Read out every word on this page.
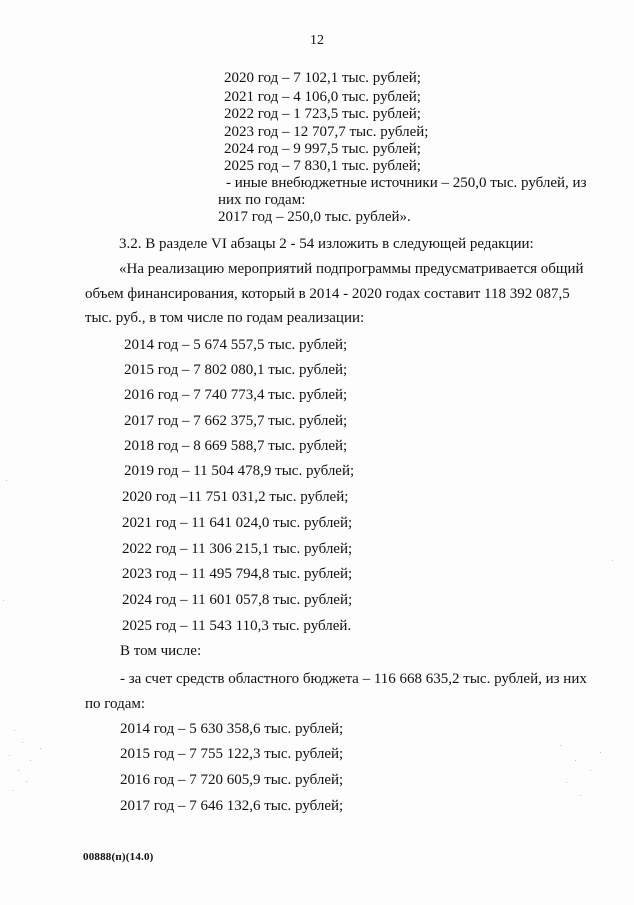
12
2020 год – 7 102,1 тыс. рублей;
2021 год – 4 106,0 тыс. рублей;
2022 год – 1 723,5 тыс. рублей;
2023 год – 12 707,7 тыс. рублей;
2024 год – 9 997,5 тыс. рублей;
2025 год – 7 830,1 тыс. рублей;
- иные внебюджетные источники – 250,0 тыс. рублей, из
них по годам:
2017 год – 250,0 тыс. рублей».
3.2. В разделе VI абзацы 2 - 54 изложить в следующей редакции:
«На реализацию мероприятий подпрограммы предусматривается общий
объем финансирования, который в 2014 - 2020 годах составит 118 392 087,5
тыс. руб., в том числе по годам реализации:
2014 год – 5 674 557,5 тыс. рублей;
2015 год – 7 802 080,1 тыс. рублей;
2016 год – 7 740 773,4 тыс. рублей;
2017 год – 7 662 375,7 тыс. рублей;
2018 год – 8 669 588,7 тыс. рублей;
2019 год – 11 504 478,9 тыс. рублей;
2020 год –11 751 031,2 тыс. рублей;
2021 год – 11 641 024,0 тыс. рублей;
2022 год – 11 306 215,1 тыс. рублей;
2023 год – 11 495 794,8 тыс. рублей;
2024 год – 11 601 057,8 тыс. рублей;
2025 год – 11 543 110,3 тыс. рублей.
В том числе:
- за счет средств областного бюджета – 116 668 635,2 тыс. рублей, из них
по годам:
2014 год – 5 630 358,6 тыс. рублей;
2015 год – 7 755 122,3 тыс. рублей;
2016 год – 7 720 605,9 тыс. рублей;
2017 год – 7 646 132,6 тыс. рублей;
00888(п)(14.0)
